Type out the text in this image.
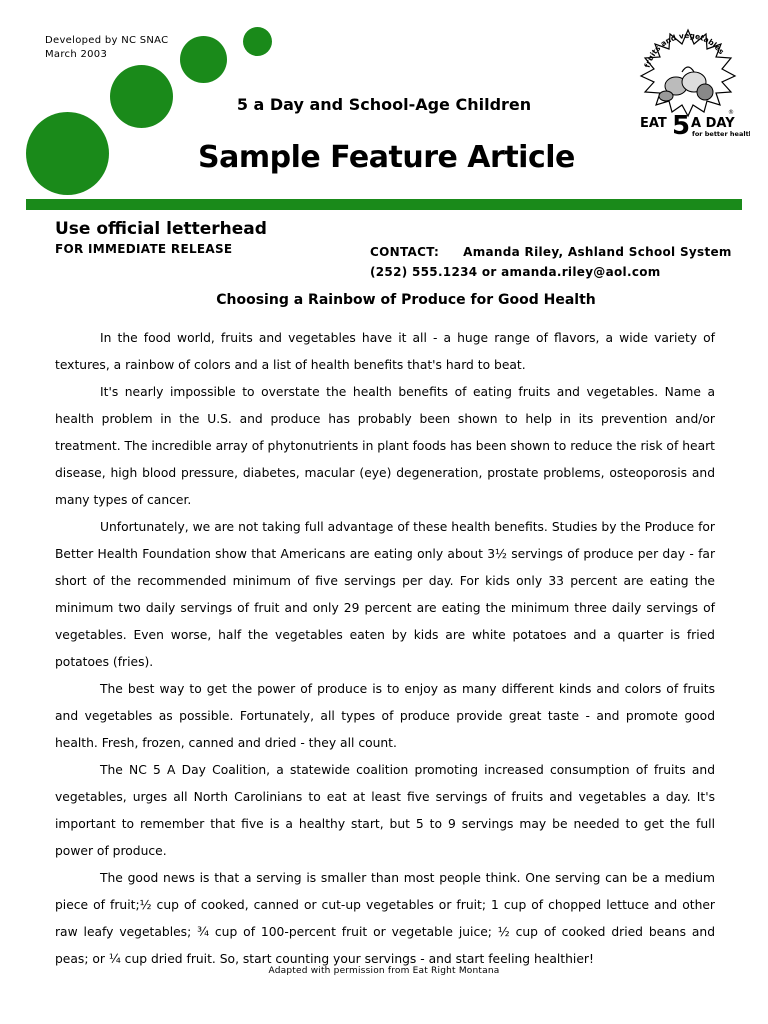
Developed by NC SNAC
March 2003
fruits and vegetables
EAT 5 A DAY
for better health
®
5 a Day and School-Age Children
Sample Feature Article
Use official letterhead
FOR IMMEDIATE RELEASE	CONTACT: Amanda Riley, Ashland School System
(252) 555.1234 or amanda.riley@aol.com
Choosing a Rainbow of Produce for Good Health

In the food world, fruits and vegetables have it all - a huge range of flavors, a wide variety of textures, a rainbow of colors and a list of health benefits that's hard to beat.

It's nearly impossible to overstate the health benefits of eating fruits and vegetables. Name a health problem in the U.S. and produce has probably been shown to help in its prevention and/or treatment. The incredible array of phytonutrients in plant foods has been shown to reduce the risk of heart disease, high blood pressure, diabetes, macular (eye) degeneration, prostate problems, osteoporosis and many types of cancer.

Unfortunately, we are not taking full advantage of these health benefits. Studies by the Produce for Better Health Foundation show that Americans are eating only about 3½ servings of produce per day - far short of the recommended minimum of five servings per day. For kids only 33 percent are eating the minimum two daily servings of fruit and only 29 percent are eating the minimum three daily servings of vegetables. Even worse, half the vegetables eaten by kids are white potatoes and a quarter is fried potatoes (fries).

The best way to get the power of produce is to enjoy as many different kinds and colors of fruits and vegetables as possible. Fortunately, all types of produce provide great taste - and promote good health. Fresh, frozen, canned and dried - they all count.

The NC 5 A Day Coalition, a statewide coalition promoting increased consumption of fruits and vegetables, urges all North Carolinians to eat at least five servings of fruits and vegetables a day. It's important to remember that five is a healthy start, but 5 to 9 servings may be needed to get the full power of produce.

The good news is that a serving is smaller than most people think. One serving can be a medium piece of fruit;½ cup of cooked, canned or cut-up vegetables or fruit; 1 cup of chopped lettuce and other raw leafy vegetables; ¾ cup of 100-percent fruit or vegetable juice; ½ cup of cooked dried beans and peas; or ¼ cup dried fruit. So, start counting your servings - and start feeling healthier!

Adapted with permission from Eat Right Montana
